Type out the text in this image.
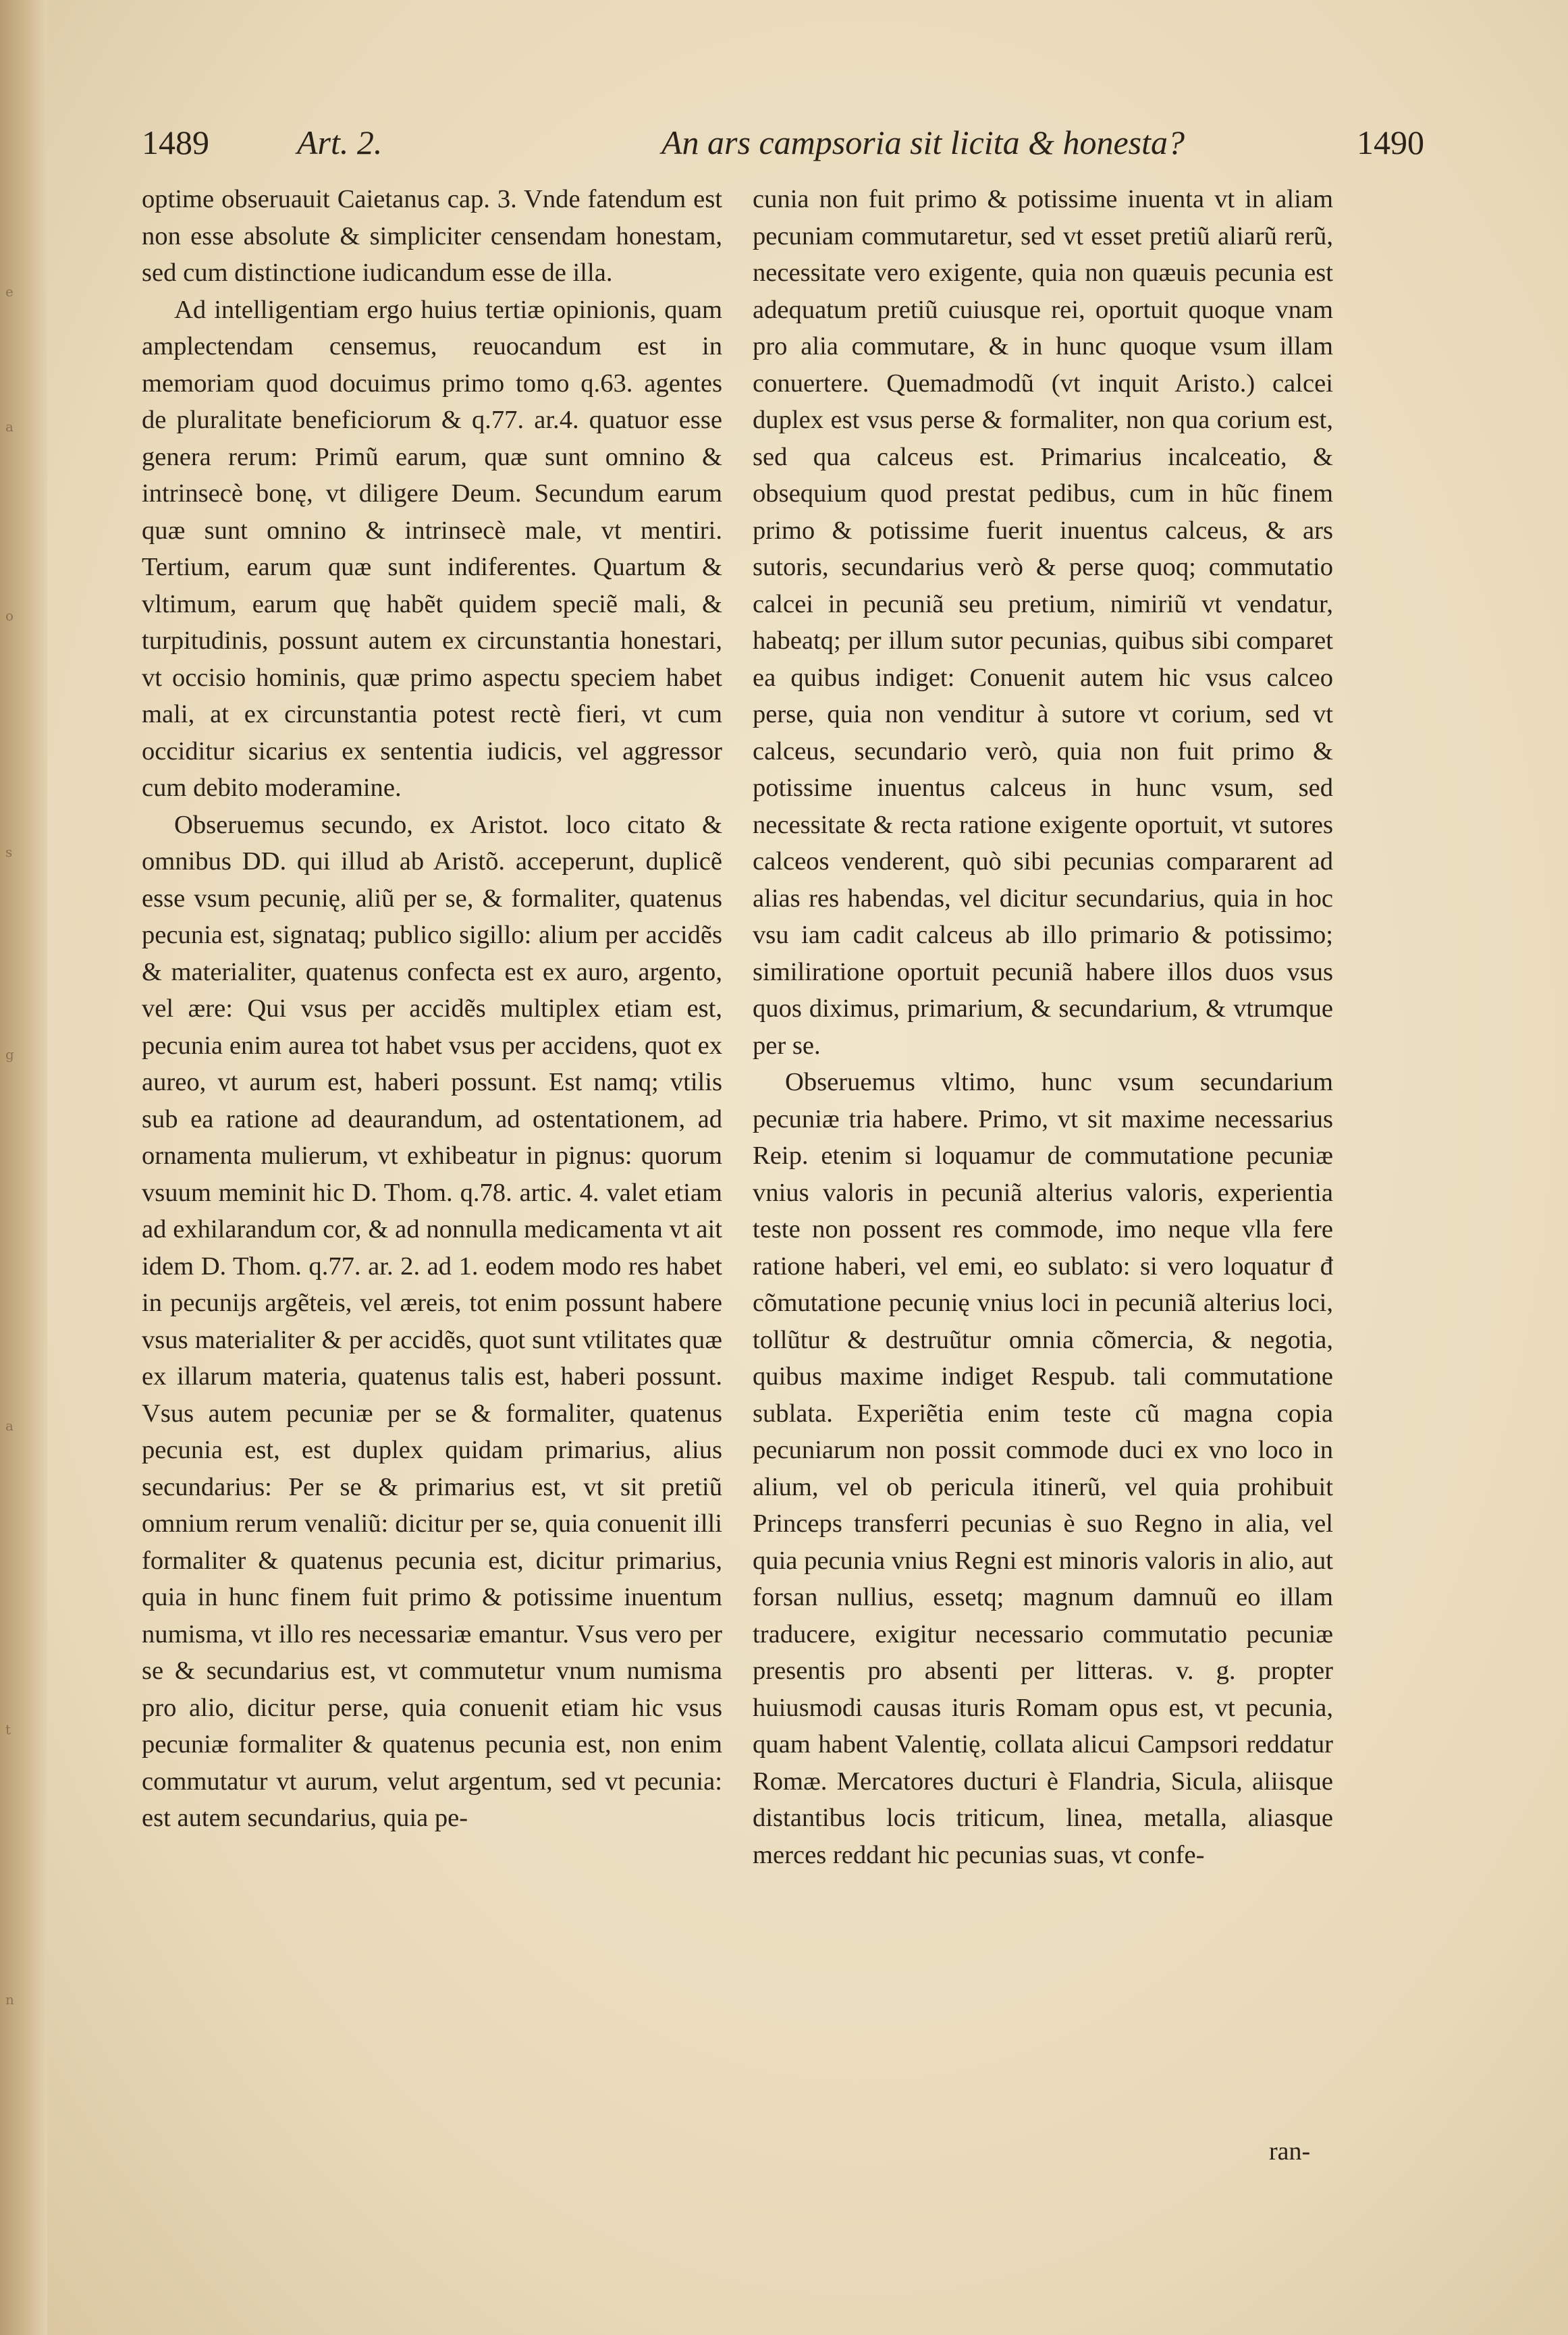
e
a
o
s
g
a
t
n
1489	Art. 2.	An ars campsoria sit licita & honesta?	1490

optime obseruauit Caietanus cap. 3. Vnde fatendum est non esse absolute & simpliciter censendam honestam, sed cum distinctione iudicandum esse de illa.

Ad intelligentiam ergo huius tertiæ opinionis, quam amplectendam censemus, reuocandum est in memoriam quod docuimus primo tomo q.63. agentes de pluralitate beneficiorum & q.77. ar.4. quatuor esse genera rerum: Primũ earum, quæ sunt omnino & intrinsecè bonę, vt diligere Deum. Secundum earum quæ sunt omnino & intrinsecè male, vt mentiri. Tertium, earum quæ sunt indiferentes. Quartum & vltimum, earum quę habẽt quidem speciẽ mali, & turpitudinis, possunt autem ex circunstantia honestari, vt occisio hominis, quæ primo aspectu speciem habet mali, at ex circunstantia potest rectè fieri, vt cum occiditur sicarius ex sententia iudicis, vel aggressor cum debito moderamine.

Obseruemus secundo, ex Aristot. loco citato & omnibus DD. qui illud ab Aristõ. acceperunt, duplicẽ esse vsum pecunię, aliũ per se, & formaliter, quatenus pecunia est, signataq; publico sigillo: alium per accidẽs & materialiter, quatenus confecta est ex auro, argento, vel ære: Qui vsus per accidẽs multiplex etiam est, pecunia enim aurea tot habet vsus per accidens, quot ex aureo, vt aurum est, haberi possunt. Est namq; vtilis sub ea ratione ad deaurandum, ad ostentationem, ad ornamenta mulierum, vt exhibeatur in pignus: quorum vsuum meminit hic D. Thom. q.78. artic. 4. valet etiam ad exhilarandum cor, & ad nonnulla medicamenta vt ait idem D. Thom. q.77. ar. 2. ad 1. eodem modo res habet in pecunijs argẽteis, vel æreis, tot enim possunt habere vsus materialiter & per accidẽs, quot sunt vtilitates quæ ex illarum materia, quatenus talis est, haberi possunt. Vsus autem pecuniæ per se & formaliter, quatenus pecunia est, est duplex quidam primarius, alius secundarius: Per se & primarius est, vt sit pretiũ omnium rerum venaliũ: dicitur per se, quia conuenit illi formaliter & quatenus pecunia est, dicitur primarius, quia in hunc finem fuit primo & potissime inuentum numisma, vt illo res necessariæ emantur. Vsus vero per se & secundarius est, vt commutetur vnum numisma pro alio, dicitur perse, quia conuenit etiam hic vsus pecuniæ formaliter & quatenus pecunia est, non enim commutatur vt aurum, velut argentum, sed vt pecunia: est autem secundarius, quia pe-

cunia non fuit primo & potissime inuenta vt in aliam pecuniam commutaretur, sed vt esset pretiũ aliarũ rerũ, necessitate vero exigente, quia non quæuis pecunia est adequatum pretiũ cuiusque rei, oportuit quoque vnam pro alia commutare, & in hunc quoque vsum illam conuertere. Quemadmodũ (vt inquit Aristo.) calcei duplex est vsus perse & formaliter, non qua corium est, sed qua calceus est. Primarius incalceatio, & obsequium quod prestat pedibus, cum in hũc finem primo & potissime fuerit inuentus calceus, & ars sutoris, secundarius verò & perse quoq; commutatio calcei in pecuniã seu pretium, nimiriũ vt vendatur, habeatq; per illum sutor pecunias, quibus sibi comparet ea quibus indiget: Conuenit autem hic vsus calceo perse, quia non venditur à sutore vt corium, sed vt calceus, secundario verò, quia non fuit primo & potissime inuentus calceus in hunc vsum, sed necessitate & recta ratione exigente oportuit, vt sutores calceos venderent, quò sibi pecunias compararent ad alias res habendas, vel dicitur secundarius, quia in hoc vsu iam cadit calceus ab illo primario & potissimo; similiratione oportuit pecuniã habere illos duos vsus quos diximus, primarium, & secundarium, & vtrumque per se.

Obseruemus vltimo, hunc vsum secundarium pecuniæ tria habere. Primo, vt sit maxime necessarius Reip. etenim si loquamur de commutatione pecuniæ vnius valoris in pecuniã alterius valoris, experientia teste non possent res commode, imo neque vlla fere ratione haberi, vel emi, eo sublato: si vero loquatur đ cõmutatione pecunię vnius loci in pecuniã alterius loci, tollũtur & destruũtur omnia cõmercia, & negotia, quibus maxime indiget Respub. tali commutatione sublata. Experiẽtia enim teste cũ magna copia pecuniarum non possit commode duci ex vno loco in alium, vel ob pericula itinerũ, vel quia prohibuit Princeps transferri pecunias è suo Regno in alia, vel quia pecunia vnius Regni est minoris valoris in alio, aut forsan nullius, essetq; magnum damnuũ eo illam traducere, exigitur necessario commutatio pecuniæ presentis pro absenti per litteras. v. g. propter huiusmodi causas ituris Romam opus est, vt pecunia, quam habent Valentię, collata alicui Campsori reddatur Romæ. Mercatores ducturi è Flandria, Sicula, aliisque distantibus locis triticum, linea, metalla, aliasque merces reddant hic pecunias suas, vt confe-

ran-
